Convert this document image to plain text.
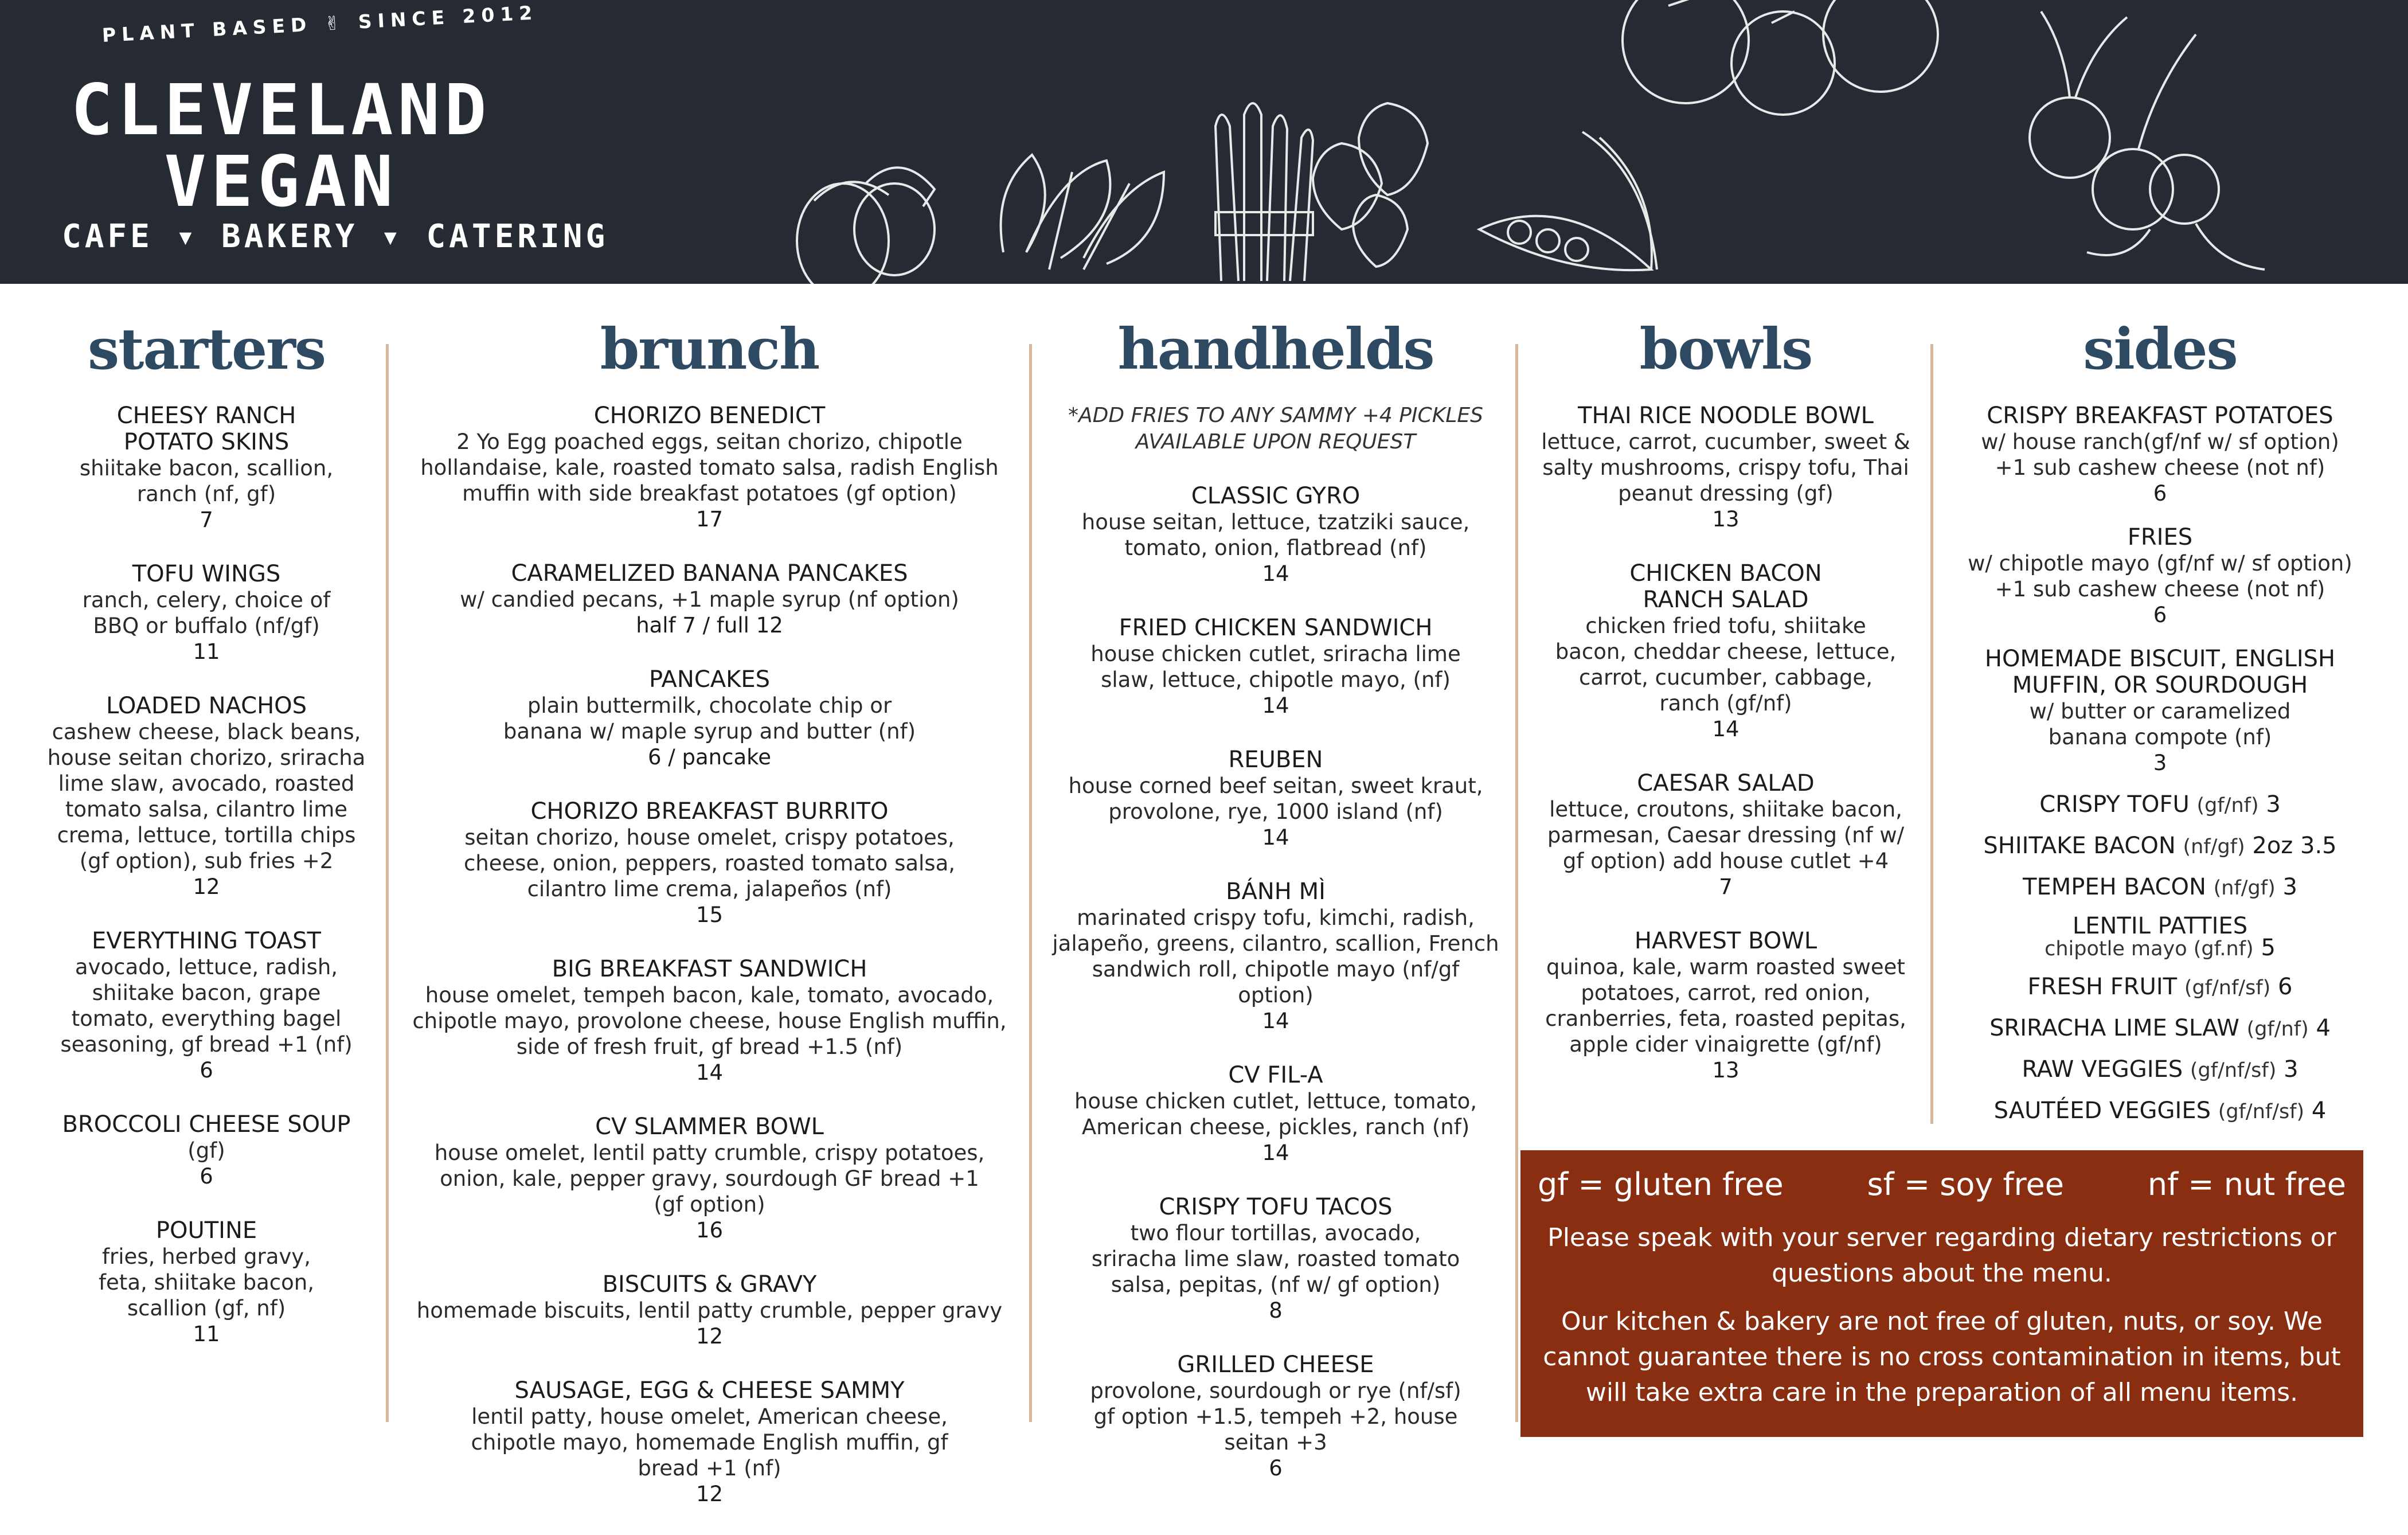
PLANT BASED ✌ SINCE 2012
CLEVELAND
VEGAN
CAFE ▾ BAKERY ▾ CATERING
starters
CHEESY RANCH POTATO SKINS
shiitake bacon, scallion, ranch (nf, gf)
7
TOFU WINGS
ranch, celery, choice of BBQ or buffalo (nf/gf)
11
LOADED NACHOS
cashew cheese, black beans, house seitan chorizo, sriracha lime slaw, avocado, roasted tomato salsa, cilantro lime crema, lettuce, tortilla chips (gf option), sub fries +2
12
EVERYTHING TOAST
avocado, lettuce, radish, shiitake bacon, grape tomato, everything bagel seasoning, gf bread +1 (nf)
6
BROCCOLI CHEESE SOUP
(gf)
6
POUTINE
fries, herbed gravy, feta, shiitake bacon, scallion (gf, nf)
11
brunch
CHORIZO BENEDICT
2 Yo Egg poached eggs, seitan chorizo, chipotle hollandaise, kale, roasted tomato salsa, radish English muffin with side breakfast potatoes (gf option)
17
CARAMELIZED BANANA PANCAKES
w/ candied pecans, +1 maple syrup (nf option)
half 7 / full 12
PANCAKES
plain buttermilk, chocolate chip or banana w/ maple syrup and butter (nf)
6 / pancake
CHORIZO BREAKFAST BURRITO
seitan chorizo, house omelet, crispy potatoes, cheese, onion, peppers, roasted tomato salsa, cilantro lime crema, jalapeños (nf)
15
BIG BREAKFAST SANDWICH
house omelet, tempeh bacon, kale, tomato, avocado, chipotle mayo, provolone cheese, house English muffin, side of fresh fruit, gf bread +1.5 (nf)
14
CV SLAMMER BOWL
house omelet, lentil patty crumble, crispy potatoes, onion, kale, pepper gravy, sourdough GF bread +1 (gf option)
16
BISCUITS & GRAVY
homemade biscuits, lentil patty crumble, pepper gravy
12
SAUSAGE, EGG & CHEESE SAMMY
lentil patty, house omelet, American cheese, chipotle mayo, homemade English muffin, gf bread +1 (nf)
12
handhelds
*ADD FRIES TO ANY SAMMY +4 PICKLES AVAILABLE UPON REQUEST
CLASSIC GYRO
house seitan, lettuce, tzatziki sauce, tomato, onion, flatbread (nf)
14
FRIED CHICKEN SANDWICH
house chicken cutlet, sriracha lime slaw, lettuce, chipotle mayo, (nf)
14
REUBEN
house corned beef seitan, sweet kraut, provolone, rye, 1000 island (nf)
14
BÁNH MÌ
marinated crispy tofu, kimchi, radish, jalapeño, greens, cilantro, scallion, French sandwich roll, chipotle mayo (nf/gf option)
14
CV FIL-A
house chicken cutlet, lettuce, tomato, American cheese, pickles, ranch (nf)
14
CRISPY TOFU TACOS
two flour tortillas, avocado, sriracha lime slaw, roasted tomato salsa, pepitas, (nf w/ gf option)
8
GRILLED CHEESE
provolone, sourdough or rye (nf/sf) gf option +1.5, tempeh +2, house seitan +3
6
bowls
THAI RICE NOODLE BOWL
lettuce, carrot, cucumber, sweet & salty mushrooms, crispy tofu, Thai peanut dressing (gf)
13
CHICKEN BACON RANCH SALAD
chicken fried tofu, shiitake bacon, cheddar cheese, lettuce, carrot, cucumber, cabbage, ranch (gf/nf)
14
CAESAR SALAD
lettuce, croutons, shiitake bacon, parmesan, Caesar dressing (nf w/ gf option) add house cutlet +4
7
HARVEST BOWL
quinoa, kale, warm roasted sweet potatoes, carrot, red onion, cranberries, feta, roasted pepitas, apple cider vinaigrette (gf/nf)
13
sides
CRISPY BREAKFAST POTATOES
w/ house ranch(gf/nf w/ sf option) +1 sub cashew cheese (not nf)
6
FRIES
w/ chipotle mayo (gf/nf w/ sf option) +1 sub cashew cheese (not nf)
6
HOMEMADE BISCUIT, ENGLISH MUFFIN, OR SOURDOUGH
w/ butter or caramelized banana compote (nf)
3
CRISPY TOFU (gf/nf) 3
SHIITAKE BACON (nf/gf) 2oz 3.5
TEMPEH BACON (nf/gf) 3
LENTIL PATTIES
chipotle mayo (gf.nf) 5
FRESH FRUIT (gf/nf/sf) 6
SRIRACHA LIME SLAW (gf/nf) 4
RAW VEGGIES (gf/nf/sf) 3
SAUTÉED VEGGIES (gf/nf/sf) 4
gf = gluten free	sf = soy free	nf = nut free

Please speak with your server regarding dietary restrictions or questions about the menu.

Our kitchen & bakery are not free of gluten, nuts, or soy. We cannot guarantee there is no cross contamination in items, but will take extra care in the preparation of all menu items.
